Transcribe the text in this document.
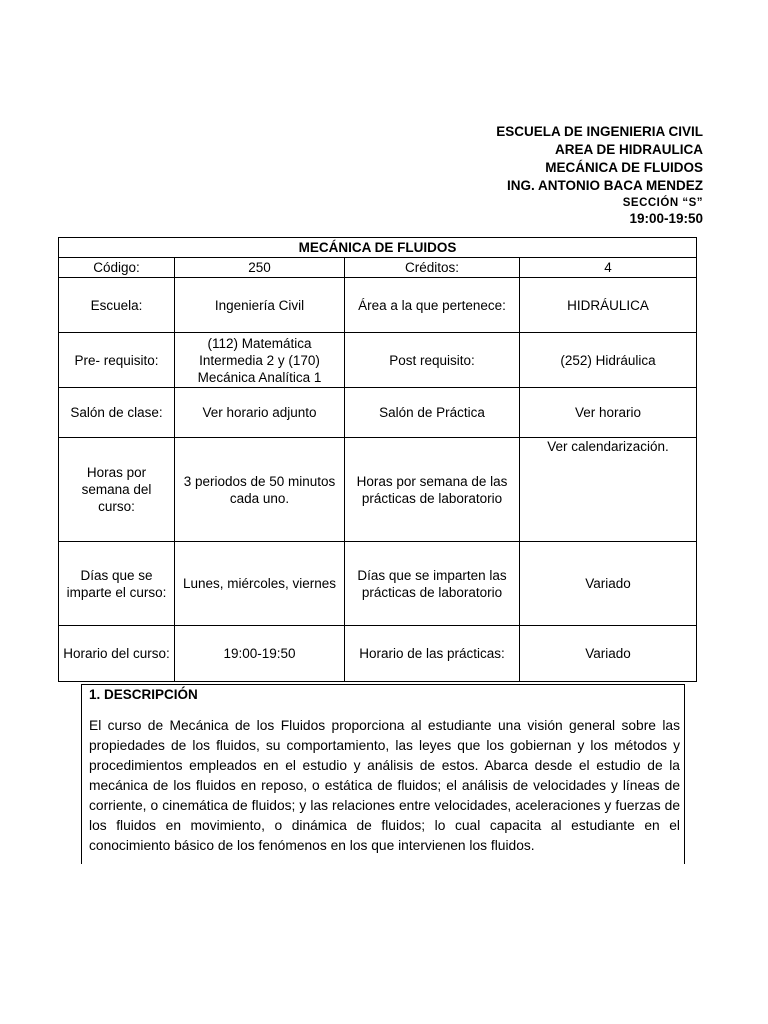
ESCUELA DE INGENIERIA CIVIL
AREA DE HIDRAULICA
MECÁNICA DE FLUIDOS
ING. ANTONIO BACA MENDEZ
SECCIÓN “S”
19:00-19:50
MECÁNICA DE FLUIDOS			
Código:	250	Créditos:	4
Escuela:	Ingeniería Civil	Área a la que pertenece:	HIDRÁULICA
Pre- requisito:	(112) Matemática Intermedia 2 y (170) Mecánica Analítica 1	Post requisito:	(252) Hidráulica
Salón de clase:	Ver horario adjunto	Salón de Práctica	Ver horario
Horas por semana del curso:	3 periodos de 50 minutos cada uno.	Horas por semana de las prácticas de laboratorio	Ver calendarización.
Días que se imparte el curso:	Lunes, miércoles, viernes	Días que se imparten las prácticas de laboratorio	Variado
Horario del curso:	19:00-19:50	Horario de las prácticas:	Variado
1. DESCRIPCIÓN
El curso de Mecánica de los Fluidos proporciona al estudiante una visión general sobre las propiedades de los fluidos, su comportamiento, las leyes que los gobiernan y los métodos y procedimientos empleados en el estudio y análisis de estos. Abarca desde el estudio de la mecánica de los fluidos en reposo, o estática de fluidos; el análisis de velocidades y líneas de corriente, o cinemática de fluidos; y las relaciones entre velocidades, aceleraciones y fuerzas de los fluidos en movimiento, o dinámica de fluidos; lo cual capacita al estudiante en el conocimiento básico de los fenómenos en los que intervienen los fluidos.
